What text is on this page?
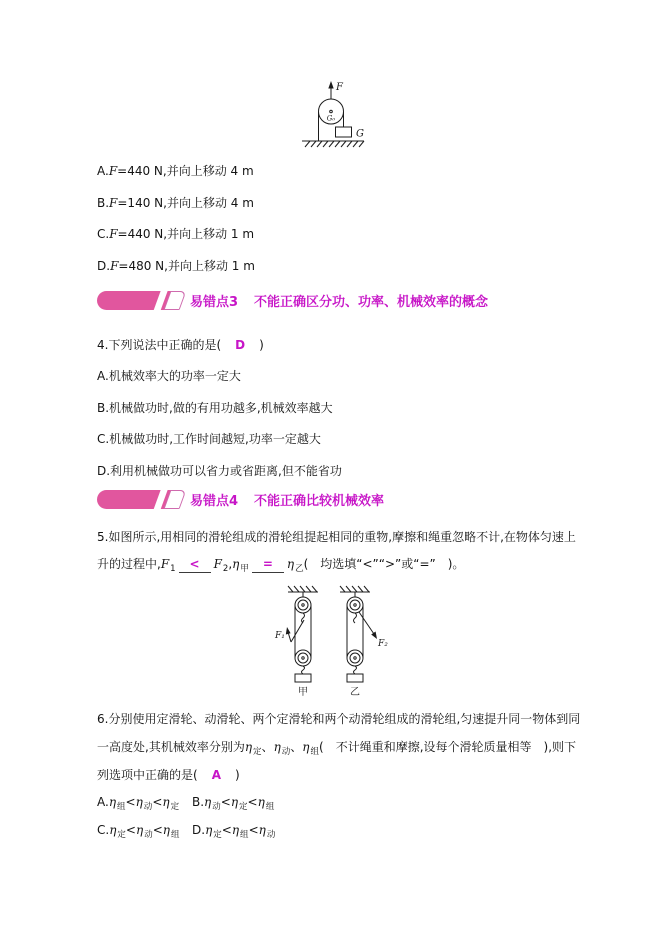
F
G₀
G
A.F=440 N,并向上移动 4 m
B.F=140 N,并向上移动 4 m
C.F=440 N,并向上移动 1 m
D.F=480 N,并向上移动 1 m
易错点3 不能正确区分功、功率、机械效率的概念
4.下列说法中正确的是( D )
A.机械效率大的功率一定大
B.机械做功时,做的有用功越多,机械效率越大
C.机械做功时,工作时间越短,功率一定越大
D.利用机械做功可以省力或省距离,但不能省功
易错点4 不能正确比较机械效率
5.如图所示,用相同的滑轮组成的滑轮组提起相同的重物,摩擦和绳重忽略不计,在物体匀速上
升的过程中$,F_1 < F_2,\eta_甲 = \eta_乙$(　均选填“<”“>”或“=”　)。
F₁
甲
F₂
乙
6.分别使用定滑轮、动滑轮、两个定滑轮和两个动滑轮组成的滑轮组,匀速提升同一物体到同
一高度处,其机械效率分别为$\eta_定$、$\eta_动$、$\eta_组$(　不计绳重和摩擦,设每个滑轮质量相等　),则下
列选项中正确的是( A )
$A.\eta_组<\eta_动<\eta_定$ $B.\eta_动<\eta_定<\eta_组$
$C.\eta_定<\eta_动<\eta_组$ $D.\eta_定<\eta_组<\eta_动$
